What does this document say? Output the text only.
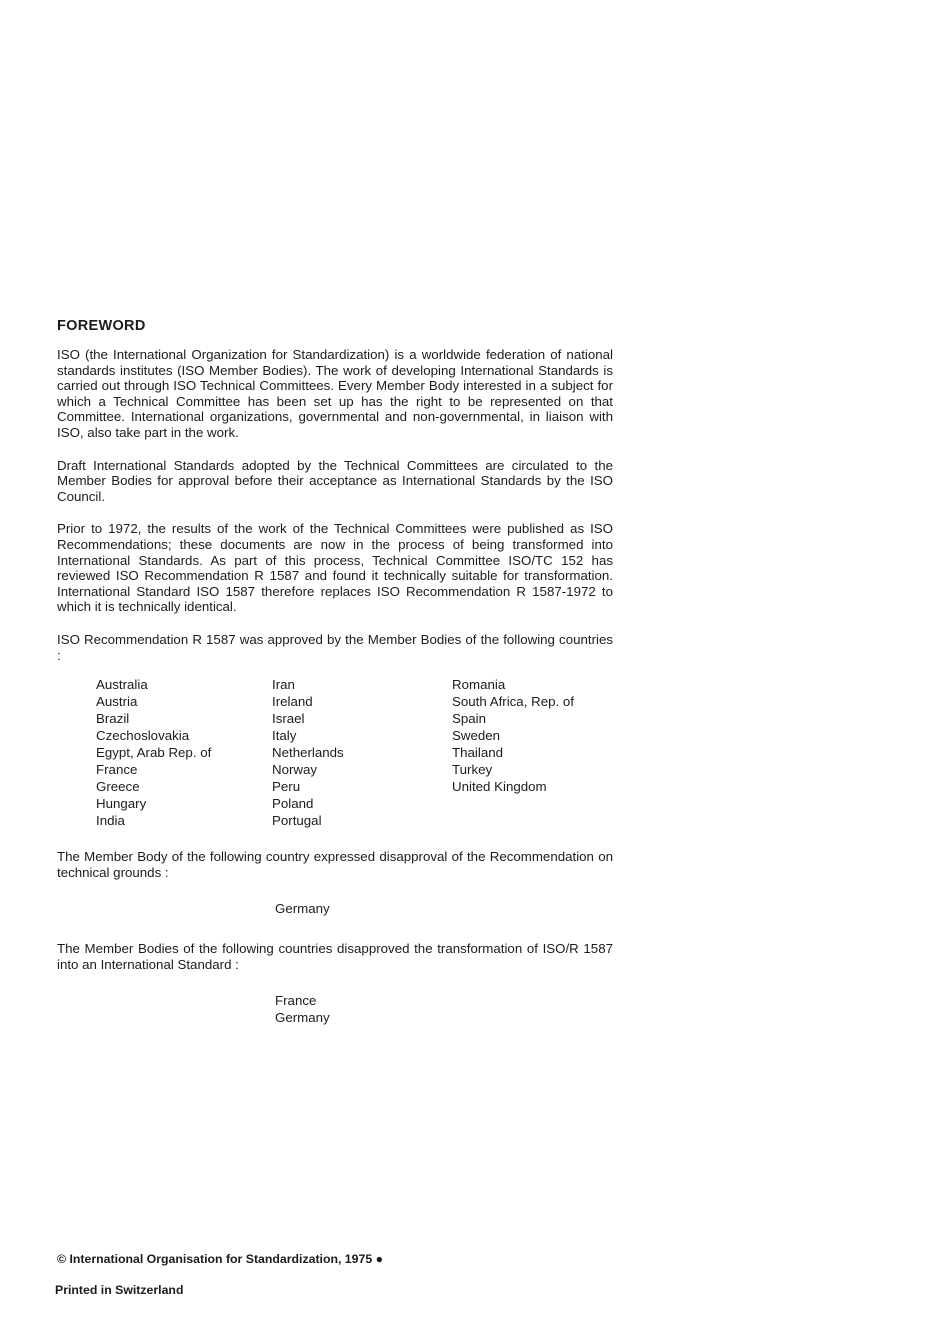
FOREWORD

ISO (the International Organization for Standardization) is a worldwide federation of national standards institutes (ISO Member Bodies). The work of developing International Standards is carried out through ISO Technical Committees. Every Member Body interested in a subject for which a Technical Committee has been set up has the right to be represented on that Committee. International organizations, governmental and non-governmental, in liaison with ISO, also take part in the work.

Draft International Standards adopted by the Technical Committees are circulated to the Member Bodies for approval before their acceptance as International Standards by the ISO Council.

Prior to 1972, the results of the work of the Technical Committees were published as ISO Recommendations; these documents are now in the process of being transformed into International Standards. As part of this process, Technical Committee ISO/TC 152 has reviewed ISO Recommendation R 1587 and found it technically suitable for transformation. International Standard ISO 1587 therefore replaces ISO Recommendation R 1587-1972 to which it is technically identical.

ISO Recommendation R 1587 was approved by the Member Bodies of the following countries :

Australia
Austria
Brazil
Czechoslovakia
Egypt, Arab Rep. of
France
Greece
Hungary
India
Iran
Ireland
Israel
Italy
Netherlands
Norway
Peru
Poland
Portugal
Romania
South Africa, Rep. of
Spain
Sweden
Thailand
Turkey
United Kingdom

The Member Body of the following country expressed disapproval of the Recommendation on technical grounds :

Germany

The Member Bodies of the following countries disapproved the transformation of ISO/R 1587 into an International Standard :

France
Germany
© International Organisation for Standardization, 1975 ●
Printed in Switzerland
